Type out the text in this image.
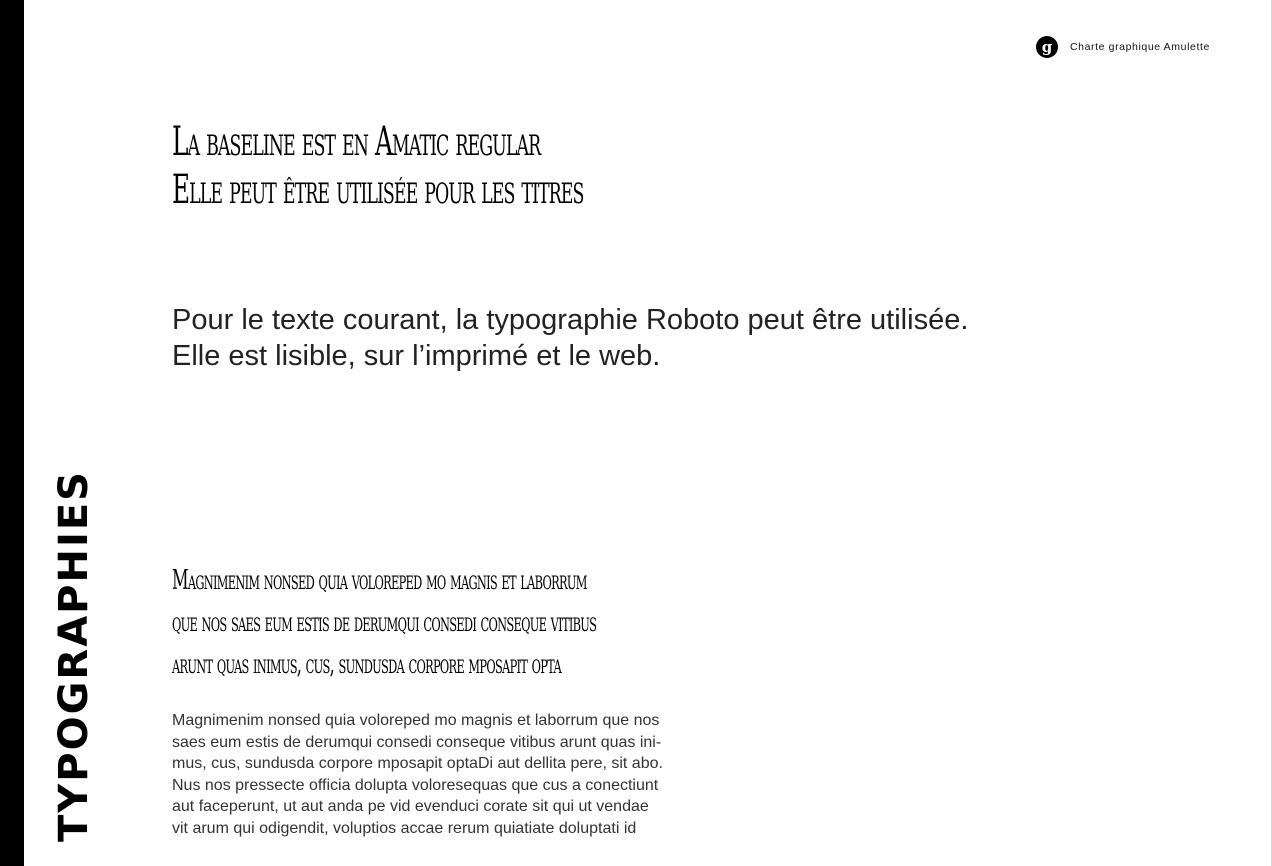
g Charte graphique Amulette
TYPOGRAPHIES
La baseline est en Amatic regular
Elle peut être utilisée pour les titres
Pour le texte courant, la typographie Roboto peut être utilisée.
Elle est lisible, sur l’imprimé et le web.
Magnimenim nonsed quia voloreped mo magnis et laborrum
que nos saes eum estis de derumqui consedi conseque vitibus
arunt quas inimus, cus, sundusda corpore mposapit opta
Magnimenim nonsed quia voloreped mo magnis et laborrum que nos
saes eum estis de derumqui consedi conseque vitibus arunt quas ini-
mus, cus, sundusda corpore mposapit optaDi aut dellita pere, sit abo.
Nus nos pressecte officia dolupta voloresequas que cus a conectiunt
aut faceperunt, ut aut anda pe vid evenduci corate sit qui ut vendae
vit arum qui odigendit, voluptios accae rerum quiatiate doluptati id
